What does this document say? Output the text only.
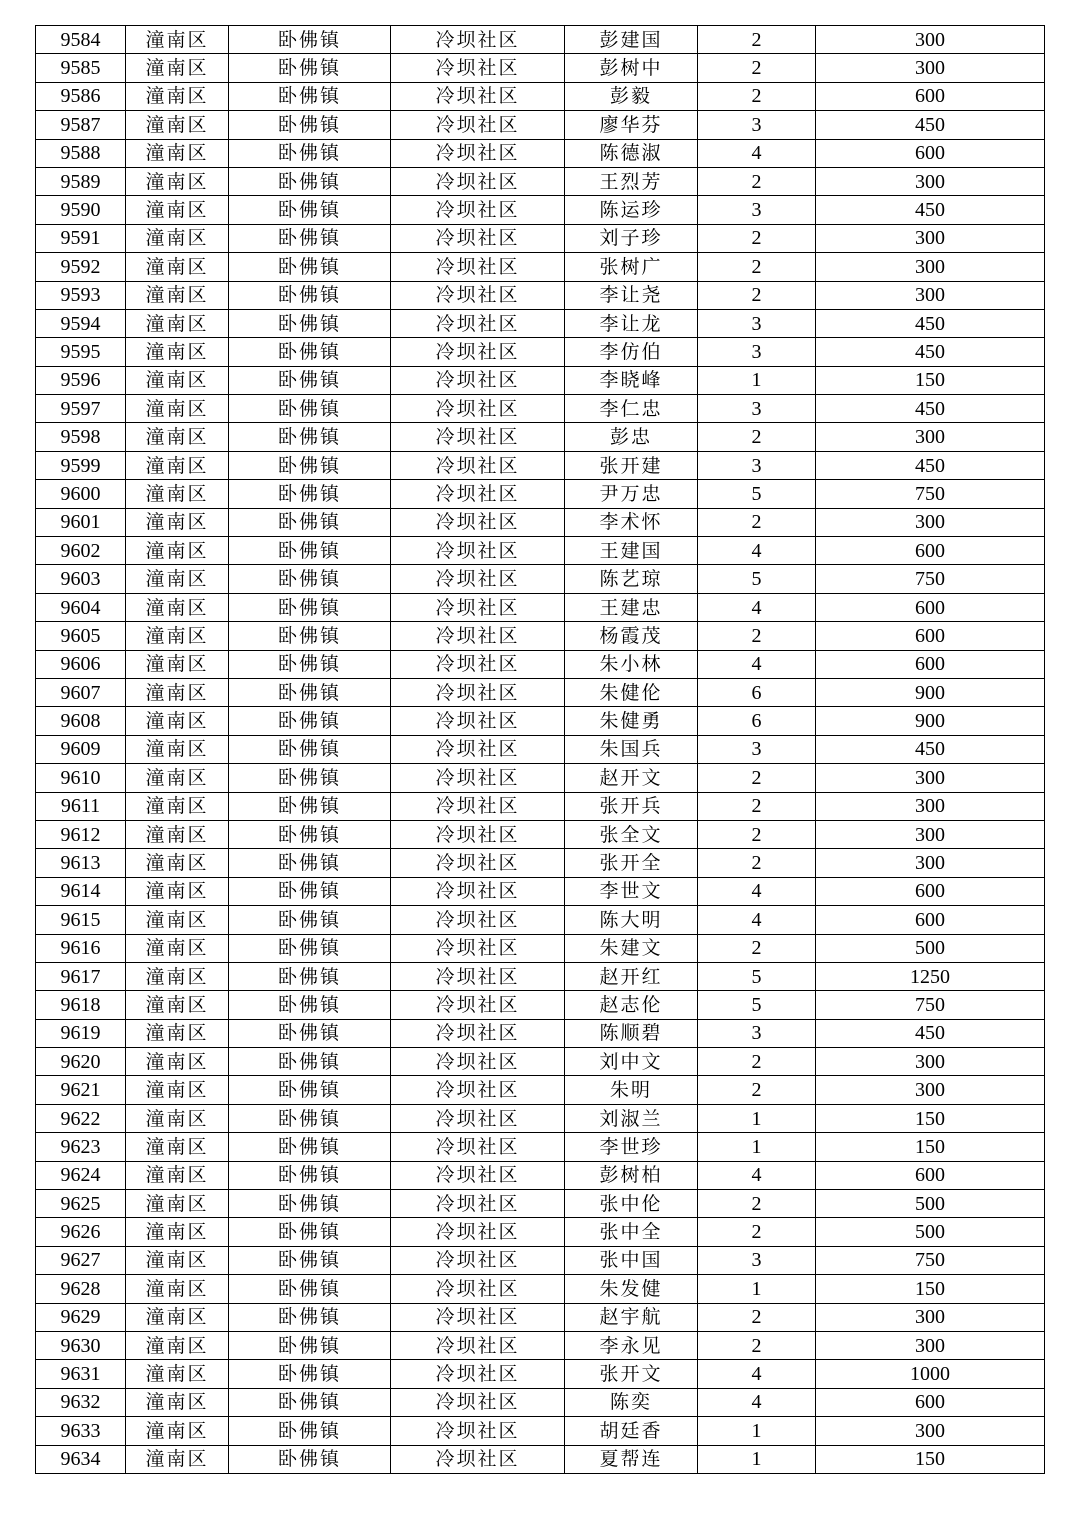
9584	潼南区	卧佛镇	冷坝社区	彭建国	2	300
9585	潼南区	卧佛镇	冷坝社区	彭树中	2	300
9586	潼南区	卧佛镇	冷坝社区	彭毅	2	600
9587	潼南区	卧佛镇	冷坝社区	廖华芬	3	450
9588	潼南区	卧佛镇	冷坝社区	陈德淑	4	600
9589	潼南区	卧佛镇	冷坝社区	王烈芳	2	300
9590	潼南区	卧佛镇	冷坝社区	陈运珍	3	450
9591	潼南区	卧佛镇	冷坝社区	刘子珍	2	300
9592	潼南区	卧佛镇	冷坝社区	张树广	2	300
9593	潼南区	卧佛镇	冷坝社区	李让尧	2	300
9594	潼南区	卧佛镇	冷坝社区	李让龙	3	450
9595	潼南区	卧佛镇	冷坝社区	李仿伯	3	450
9596	潼南区	卧佛镇	冷坝社区	李晓峰	1	150
9597	潼南区	卧佛镇	冷坝社区	李仁忠	3	450
9598	潼南区	卧佛镇	冷坝社区	彭忠	2	300
9599	潼南区	卧佛镇	冷坝社区	张开建	3	450
9600	潼南区	卧佛镇	冷坝社区	尹万忠	5	750
9601	潼南区	卧佛镇	冷坝社区	李术怀	2	300
9602	潼南区	卧佛镇	冷坝社区	王建国	4	600
9603	潼南区	卧佛镇	冷坝社区	陈艺琼	5	750
9604	潼南区	卧佛镇	冷坝社区	王建忠	4	600
9605	潼南区	卧佛镇	冷坝社区	杨霞茂	2	600
9606	潼南区	卧佛镇	冷坝社区	朱小林	4	600
9607	潼南区	卧佛镇	冷坝社区	朱健伦	6	900
9608	潼南区	卧佛镇	冷坝社区	朱健勇	6	900
9609	潼南区	卧佛镇	冷坝社区	朱国兵	3	450
9610	潼南区	卧佛镇	冷坝社区	赵开文	2	300
9611	潼南区	卧佛镇	冷坝社区	张开兵	2	300
9612	潼南区	卧佛镇	冷坝社区	张全文	2	300
9613	潼南区	卧佛镇	冷坝社区	张开全	2	300
9614	潼南区	卧佛镇	冷坝社区	李世文	4	600
9615	潼南区	卧佛镇	冷坝社区	陈大明	4	600
9616	潼南区	卧佛镇	冷坝社区	朱建文	2	500
9617	潼南区	卧佛镇	冷坝社区	赵开红	5	1250
9618	潼南区	卧佛镇	冷坝社区	赵志伦	5	750
9619	潼南区	卧佛镇	冷坝社区	陈顺碧	3	450
9620	潼南区	卧佛镇	冷坝社区	刘中文	2	300
9621	潼南区	卧佛镇	冷坝社区	朱明	2	300
9622	潼南区	卧佛镇	冷坝社区	刘淑兰	1	150
9623	潼南区	卧佛镇	冷坝社区	李世珍	1	150
9624	潼南区	卧佛镇	冷坝社区	彭树柏	4	600
9625	潼南区	卧佛镇	冷坝社区	张中伦	2	500
9626	潼南区	卧佛镇	冷坝社区	张中全	2	500
9627	潼南区	卧佛镇	冷坝社区	张中国	3	750
9628	潼南区	卧佛镇	冷坝社区	朱发健	1	150
9629	潼南区	卧佛镇	冷坝社区	赵宇航	2	300
9630	潼南区	卧佛镇	冷坝社区	李永见	2	300
9631	潼南区	卧佛镇	冷坝社区	张开文	4	1000
9632	潼南区	卧佛镇	冷坝社区	陈奕	4	600
9633	潼南区	卧佛镇	冷坝社区	胡廷香	1	300
9634	潼南区	卧佛镇	冷坝社区	夏帮连	1	150
